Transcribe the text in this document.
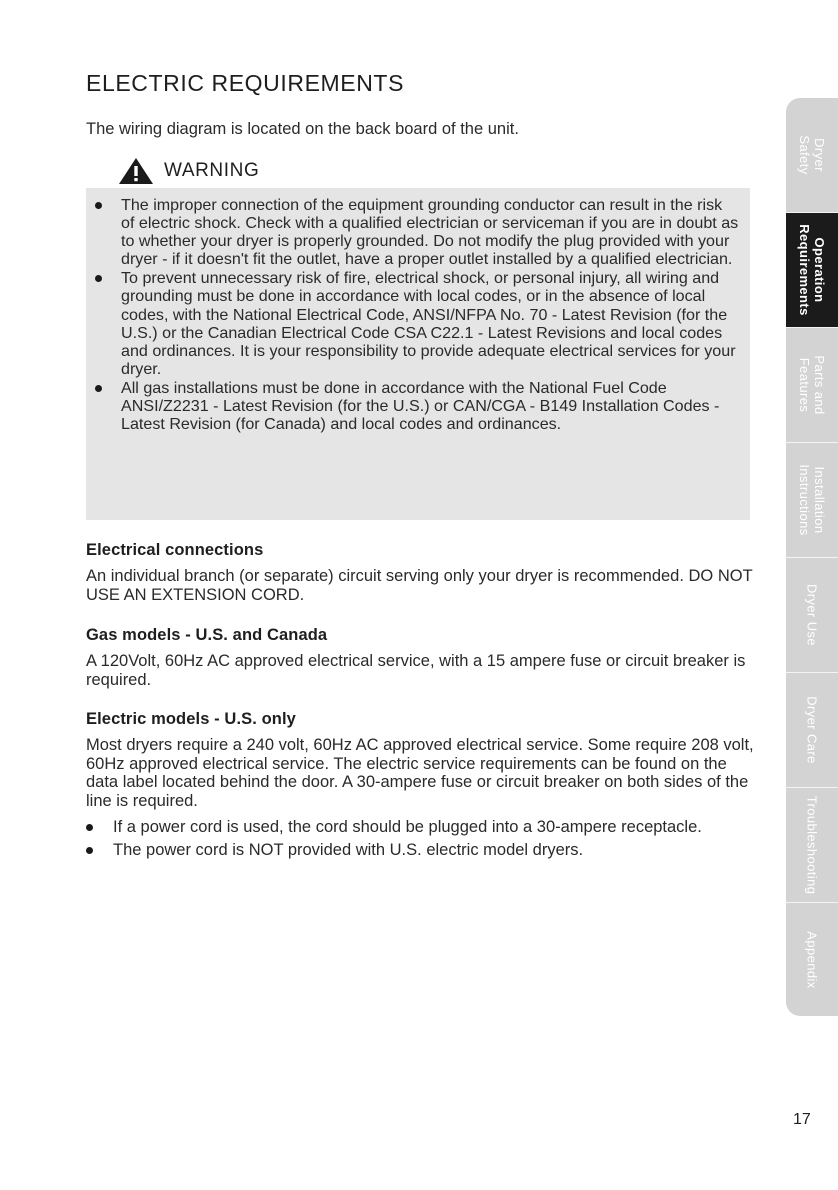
ELECTRIC REQUIREMENTS

The wiring diagram is located on the back board of the unit.

WARNING
The improper connection of the equipment grounding conductor can result in the risk of electric shock. Check with a qualified electrician or serviceman if you are in doubt as to whether your dryer is properly grounded. Do not modify the plug provided with your dryer - if it doesn't fit the outlet, have a proper outlet installed by a qualified electrician.
To prevent unnecessary risk of fire, electrical shock, or personal injury, all wiring and grounding must be done in accordance with local codes, or in the absence of local codes, with the National Electrical Code, ANSI/NFPA No. 70 - Latest Revision (for the U.S.) or the Canadian Electrical Code CSA C22.1 - Latest Revisions and local codes and ordinances. It is your responsibility to provide adequate electrical services for your dryer.
All gas installations must be done in accordance with the National Fuel Code ANSI/Z2231 - Latest Revision (for the U.S.) or CAN/CGA - B149 Installation Codes - Latest Revision (for Canada) and local codes and ordinances.
Electrical connections

An individual branch (or separate) circuit serving only your dryer is recommended. DO NOT USE AN EXTENSION CORD.

Gas models - U.S. and Canada

A 120Volt, 60Hz AC approved electrical service, with a 15 ampere fuse or circuit breaker is required.

Electric models - U.S. only

Most dryers require a 240 volt, 60Hz AC approved electrical service. Some require 208 volt, 60Hz approved electrical service. The electric service requirements can be found on the data label located behind the door. A 30-ampere fuse or circuit breaker on both sides of the line is required.

If a power cord is used, the cord should be plugged into a 30-ampere receptacle.
The power cord is NOT provided with U.S. electric model dryers.
Dryer
Safety
Operation
Requirements
Parts and
Features
Installation
Instructions
Dryer Use
Dryer Care
Troubleshooting
Appendix
17
